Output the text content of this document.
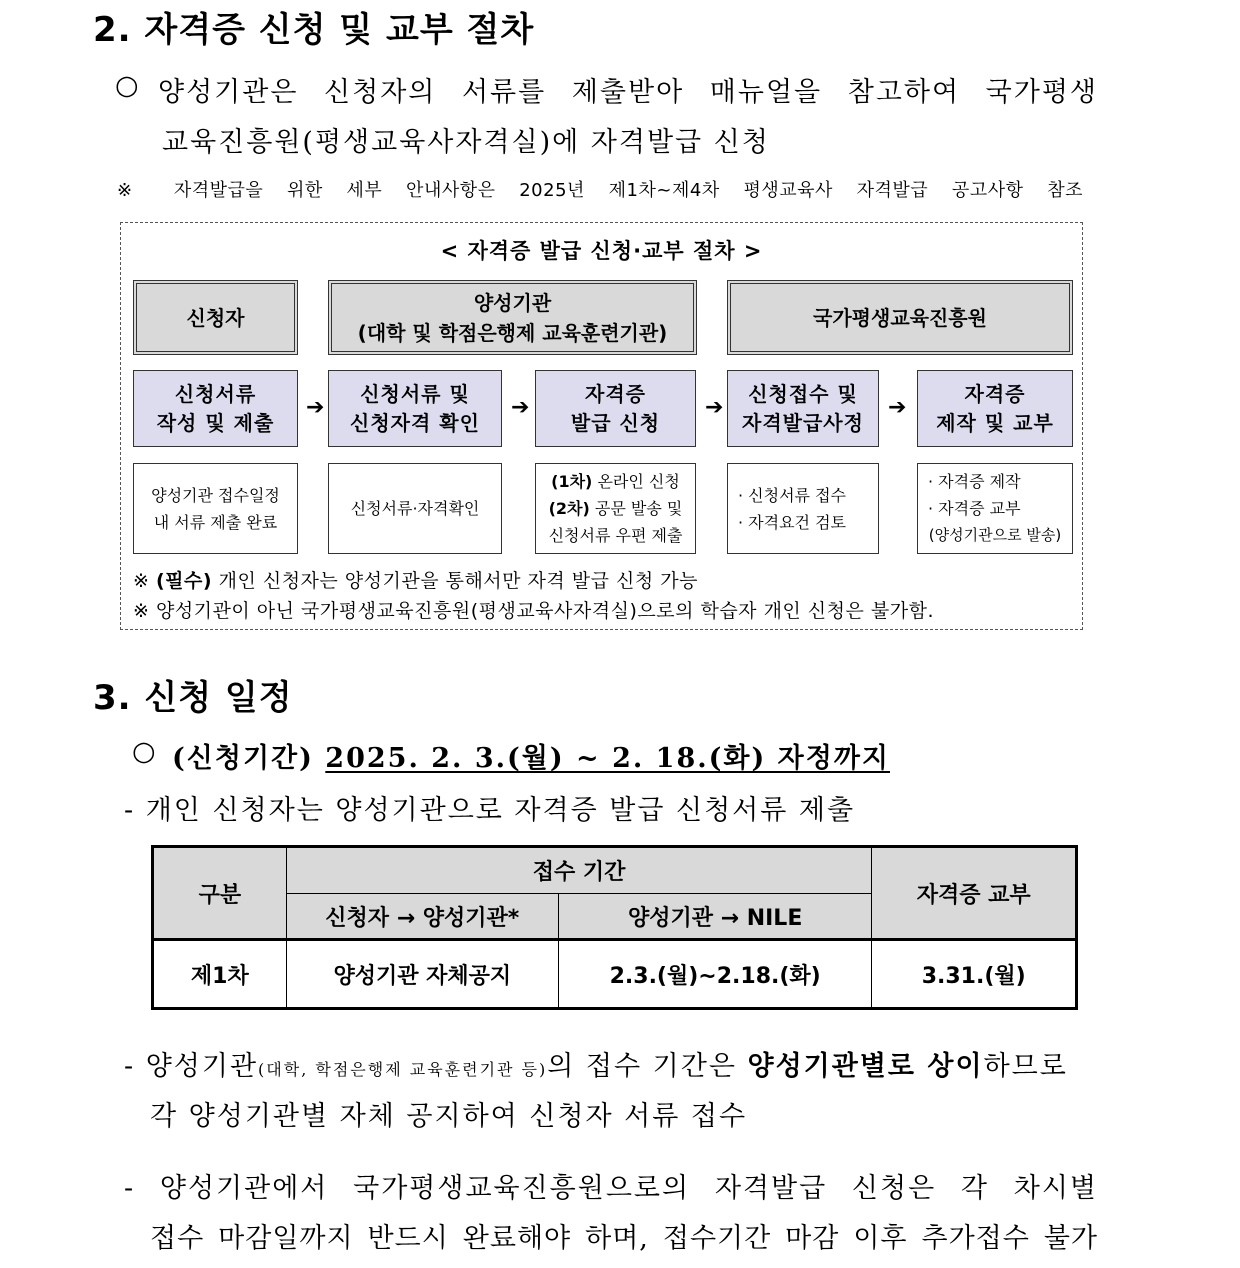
2. 자격증 신청 및 교부 절차
○ 양성기관은 신청자의 서류를 제출받아 매뉴얼을 참고하여 국가평생
교육진흥원(평생교육사자격실)에 자격발급 신청
※ 자격발급을 위한 세부 안내사항은 2025년 제1차~제4차 평생교육사 자격발급 공고사항 참조
< 자격증 발급 신청·교부 절차 >
신청자
양성기관
(대학 및 학점은행제 교육훈련기관)
국가평생교육진흥원
신청서류
작성 및 제출
➔
신청서류 및
신청자격 확인
➔
자격증
발급 신청
➔
신청접수 및
자격발급사정
➔
자격증
제작 및 교부
양성기관 접수일정
내 서류 제출 완료
신청서류·자격확인
(1차) 온라인 신청
(2차) 공문 발송 및
신청서류 우편 제출
· 신청서류 접수
· 자격요건 검토
· 자격증 제작
· 자격증 교부
(양성기관으로 발송)
※ (필수) 개인 신청자는 양성기관을 통해서만 자격 발급 신청 가능
※ 양성기관이 아닌 국가평생교육진흥원(평생교육사자격실)으로의 학습자 개인 신청은 불가함.
3. 신청 일정
○ (신청기간) 2025. 2. 3.(월) ~ 2. 18.(화) 자정까지
- 개인 신청자는 양성기관으로 자격증 발급 신청서류 제출
구분	접수 기간		자격증 교부
	신청자 → 양성기관*	양성기관 → NILE	
제1차	양성기관 자체공지	2.3.(월)~2.18.(화)	3.31.(월)
- 양성기관(대학, 학점은행제 교육훈련기관 등)의 접수 기간은 양성기관별로 상이하므로
각 양성기관별 자체 공지하여 신청자 서류 접수
- 양성기관에서 국가평생교육진흥원으로의 자격발급 신청은 각 차시별
접수 마감일까지 반드시 완료해야 하며, 접수기간 마감 이후 추가접수 불가
